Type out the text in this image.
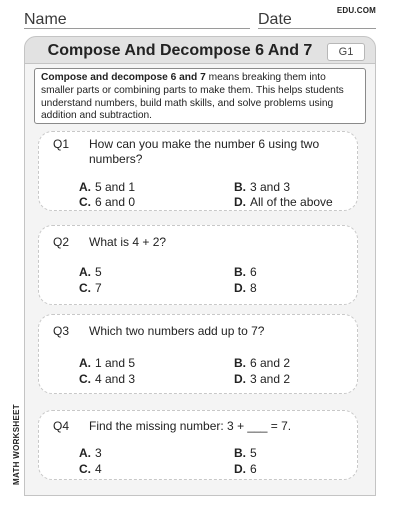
Name	Date
EDU.COM
Compose And Decompose 6 And 7	G1
Compose and decompose 6 and 7 means breaking them into smaller parts or combining parts to make them. This helps students understand numbers, build math skills, and solve problems using addition and subtraction.
Q1 How can you make the number 6 using two numbers?
A. 5 and 1	B. 3 and 3
C. 6 and 0	D. All of the above
Q2 What is 4 + 2?
A. 5	B. 6
C. 7	D. 8
Q3 Which two numbers add up to 7?
A. 1 and 5	B. 6 and 2
C. 4 and 3	D. 3 and 2
Q4 Find the missing number: 3 + ___ = 7.
A. 3	B. 5
C. 4	D. 6
MATH WORKSHEET
